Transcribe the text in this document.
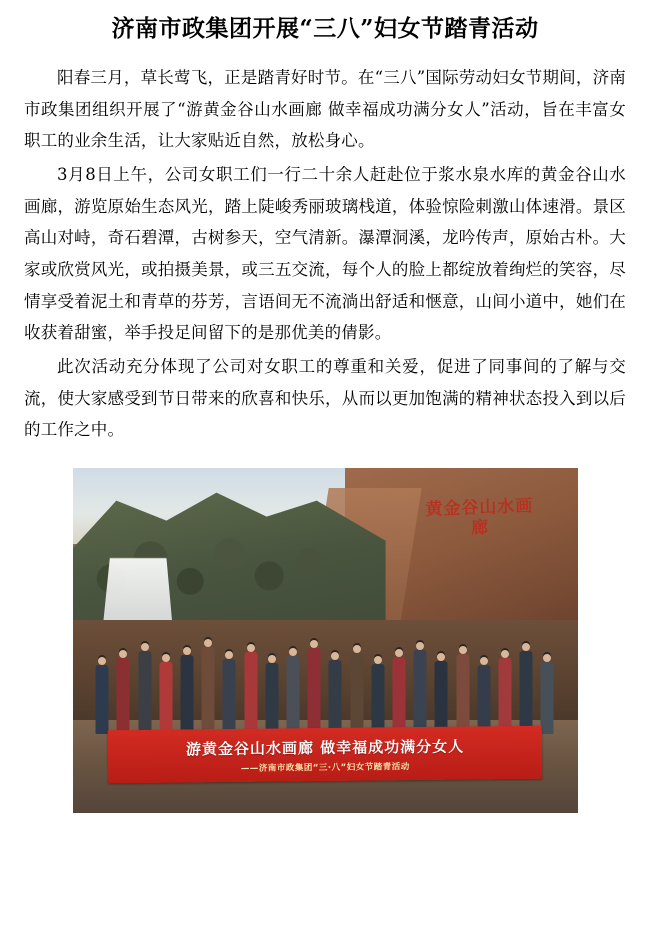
济南市政集团开展“三八”妇女节踏青活动

阳春三月，草长莺飞，正是踏青好时节。在“三八”国际劳动妇女节期间，济南市政集团组织开展了“游黄金谷山水画廊 做幸福成功满分女人”活动，旨在丰富女职工的业余生活，让大家贴近自然，放松身心。

3月8日上午，公司女职工们一行二十余人赶赴位于浆水泉水库的黄金谷山水画廊，游览原始生态风光，踏上陡峻秀丽玻璃栈道，体验惊险刺激山体速滑。景区高山对峙，奇石碧潭，古树参天，空气清新。瀑潭洞溪，龙吟传声，原始古朴。大家或欣赏风光，或拍摄美景，或三五交流，每个人的脸上都绽放着绚烂的笑容，尽情享受着泥土和青草的芬芳，言语间无不流淌出舒适和惬意，山间小道中，她们在收获着甜蜜，举手投足间留下的是那优美的倩影。

此次活动充分体现了公司对女职工的尊重和关爱，促进了同事间的了解与交流，使大家感受到节日带来的欣喜和快乐，从而以更加饱满的精神状态投入到以后的工作之中。

黄金谷山水画廊
游黄金谷山水画廊 做幸福成功满分女人
——济南市政集团“三·八”妇女节踏青活动
